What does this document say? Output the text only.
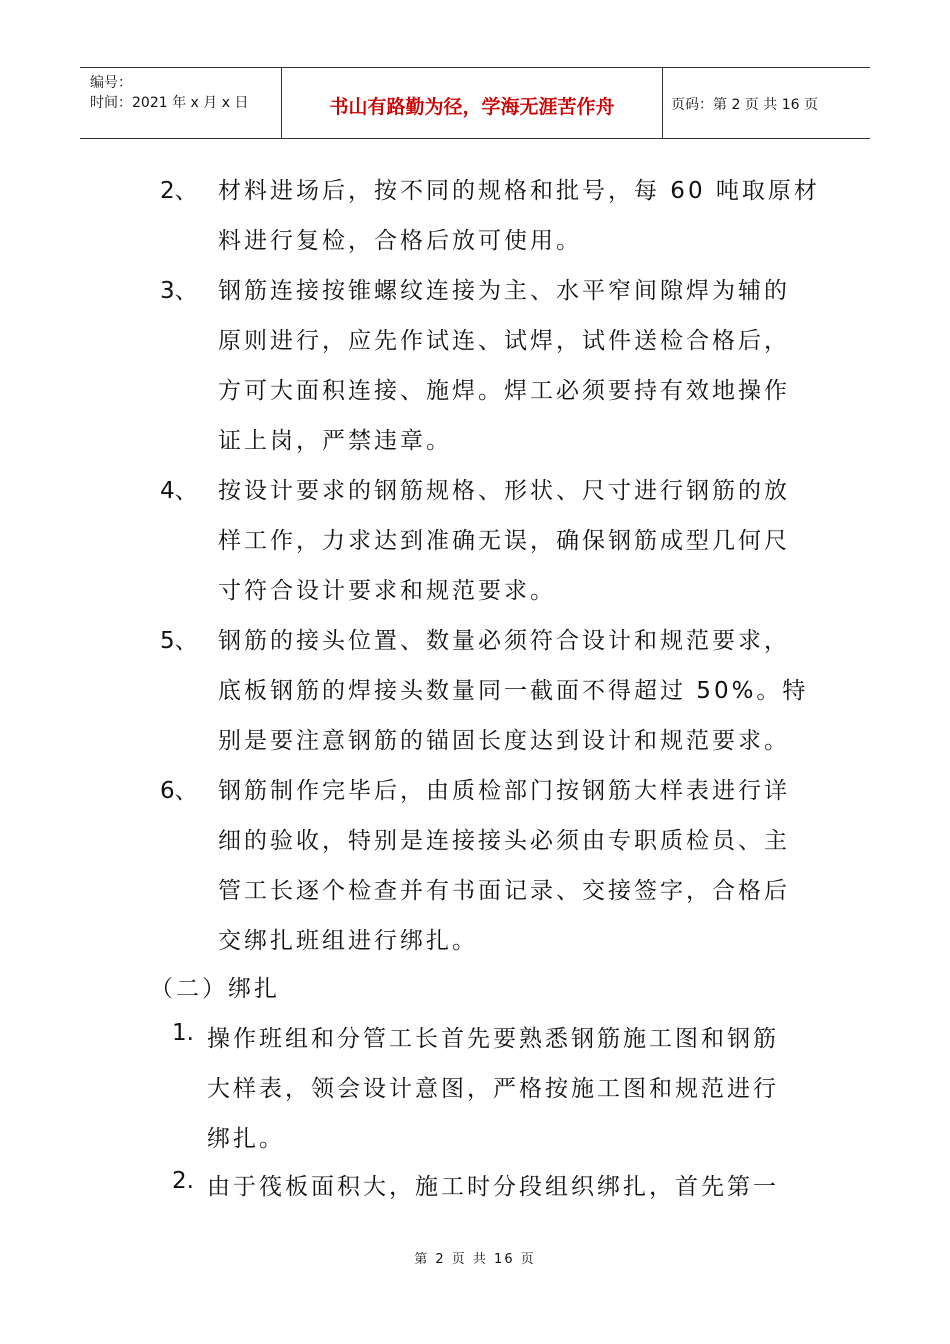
编号：
时间：2021 年 x 月 x 日	书山有路勤为径，学海无涯苦作舟	页码：第 2 页 共 16 页
2、 材料进场后，按不同的规格和批号，每 60 吨取原材
料进行复检，合格后放可使用。
3、 钢筋连接按锥螺纹连接为主、水平窄间隙焊为辅的
原则进行，应先作试连、试焊，试件送检合格后，
方可大面积连接、施焊。焊工必须要持有效地操作
证上岗，严禁违章。
4、 按设计要求的钢筋规格、形状、尺寸进行钢筋的放
样工作，力求达到准确无误，确保钢筋成型几何尺
寸符合设计要求和规范要求。
5、 钢筋的接头位置、数量必须符合设计和规范要求，
底板钢筋的焊接头数量同一截面不得超过 50%。特
别是要注意钢筋的锚固长度达到设计和规范要求。
6、 钢筋制作完毕后，由质检部门按钢筋大样表进行详
细的验收，特别是连接接头必须由专职质检员、主
管工长逐个检查并有书面记录、交接签字，合格后
交绑扎班组进行绑扎。
（二）绑扎
1. 操作班组和分管工长首先要熟悉钢筋施工图和钢筋
大样表，领会设计意图，严格按施工图和规范进行
绑扎。
2. 由于筏板面积大，施工时分段组织绑扎，首先第一
第 2 页 共 16 页
